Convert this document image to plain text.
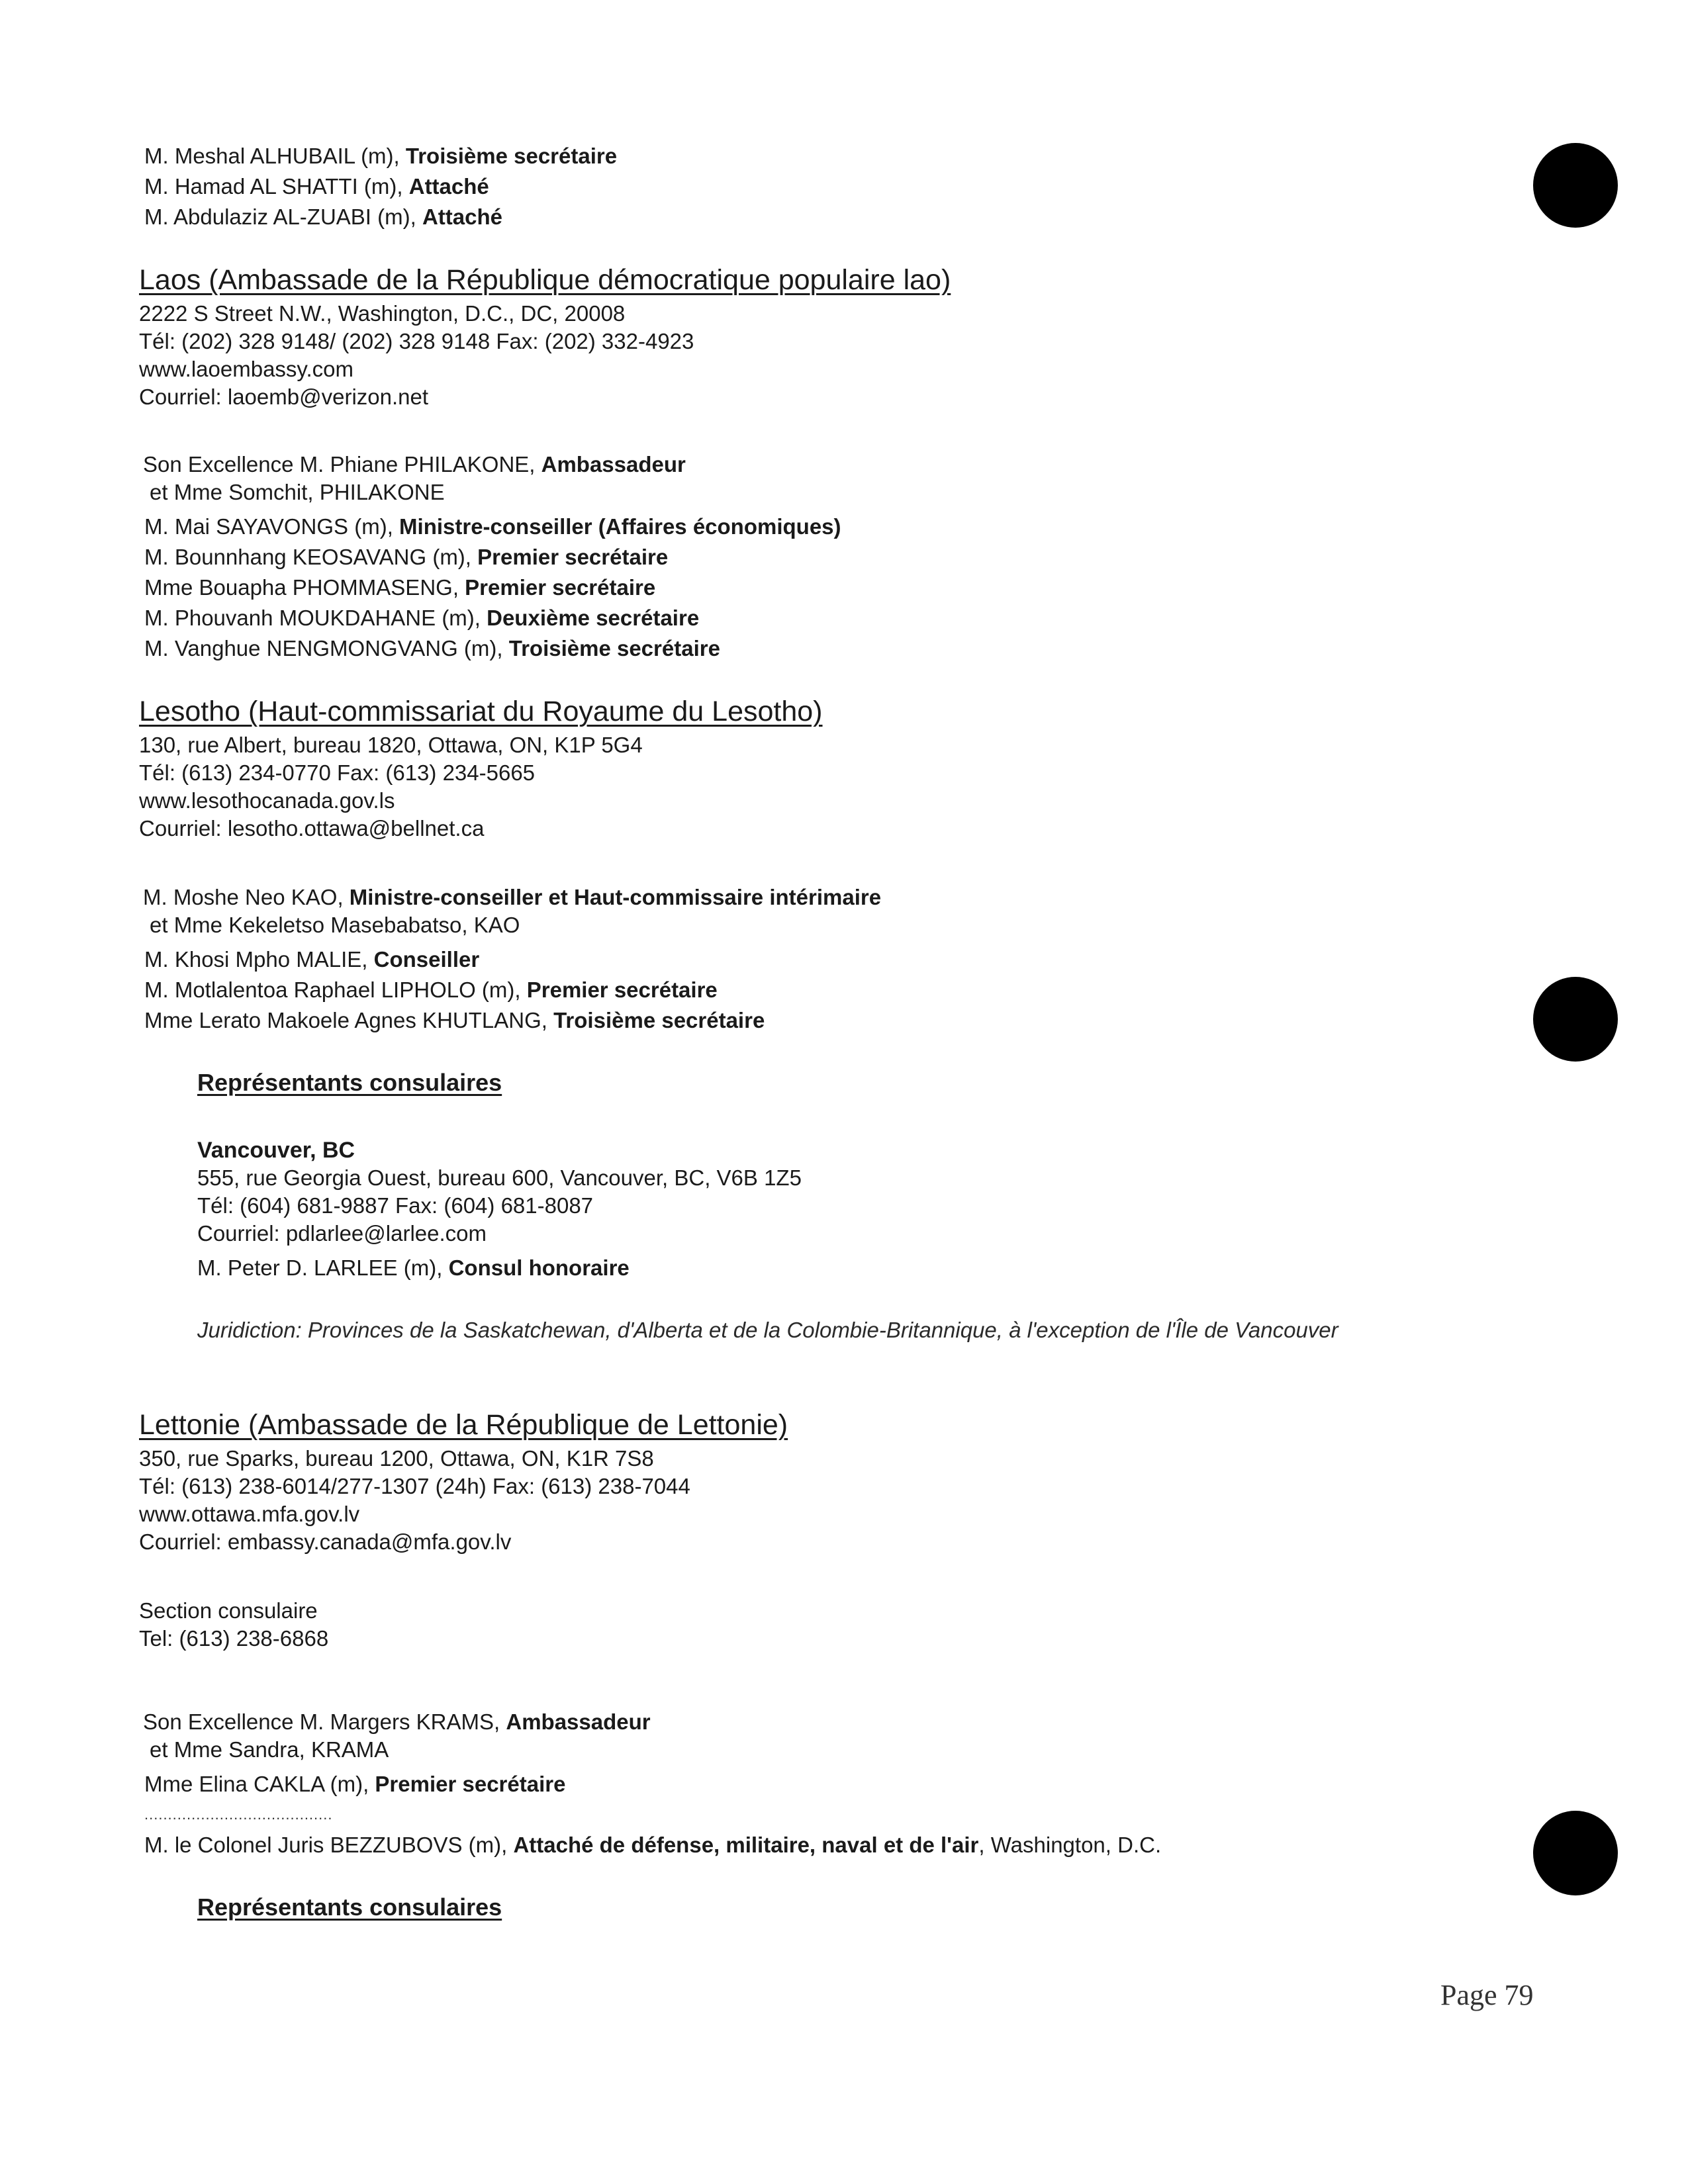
M. Meshal ALHUBAIL (m), Troisième secrétaire

M. Hamad AL SHATTI (m), Attaché

M. Abdulaziz AL-ZUABI (m), Attaché

Laos (Ambassade de la République démocratique populaire lao)

2222 S Street N.W., Washington, D.C., DC, 20008

Tél: (202) 328 9148/ (202) 328 9148 Fax: (202) 332-4923

www.laoembassy.com

Courriel: laoemb@verizon.net

Son Excellence M. Phiane PHILAKONE, Ambassadeur

et Mme Somchit, PHILAKONE

M. Mai SAYAVONGS (m), Ministre-conseiller (Affaires économiques)

M. Bounnhang KEOSAVANG (m), Premier secrétaire

Mme Bouapha PHOMMASENG, Premier secrétaire

M. Phouvanh MOUKDAHANE (m), Deuxième secrétaire

M. Vanghue NENGMONGVANG (m), Troisième secrétaire

Lesotho (Haut-commissariat du Royaume du Lesotho)

130, rue Albert, bureau 1820, Ottawa, ON, K1P 5G4

Tél: (613) 234-0770 Fax: (613) 234-5665

www.lesothocanada.gov.ls

Courriel: lesotho.ottawa@bellnet.ca

M. Moshe Neo KAO, Ministre-conseiller et Haut-commissaire intérimaire

et Mme Kekeletso Masebabatso, KAO

M. Khosi Mpho MALIE, Conseiller

M. Motlalentoa Raphael LIPHOLO (m), Premier secrétaire

Mme Lerato Makoele Agnes KHUTLANG, Troisième secrétaire

Représentants consulaires

Vancouver, BC

555, rue Georgia Ouest, bureau 600, Vancouver, BC, V6B 1Z5

Tél: (604) 681-9887 Fax: (604) 681-8087

Courriel: pdlarlee@larlee.com

M. Peter D. LARLEE (m), Consul honoraire

Juridiction: Provinces de la Saskatchewan, d'Alberta et de la Colombie-Britannique, à l'exception de l'Île de Vancouver

Lettonie (Ambassade de la République de Lettonie)

350, rue Sparks, bureau 1200, Ottawa, ON, K1R 7S8

Tél: (613) 238-6014/277-1307 (24h) Fax: (613) 238-7044

www.ottawa.mfa.gov.lv

Courriel: embassy.canada@mfa.gov.lv

Section consulaire

Tel: (613) 238-6868

Son Excellence M. Margers KRAMS, Ambassadeur

et Mme Sandra, KRAMA

Mme Elina CAKLA (m), Premier secrétaire

........................................

M. le Colonel Juris BEZZUBOVS (m), Attaché de défense, militaire, naval et de l'air, Washington, D.C.

Représentants consulaires

Page 79
